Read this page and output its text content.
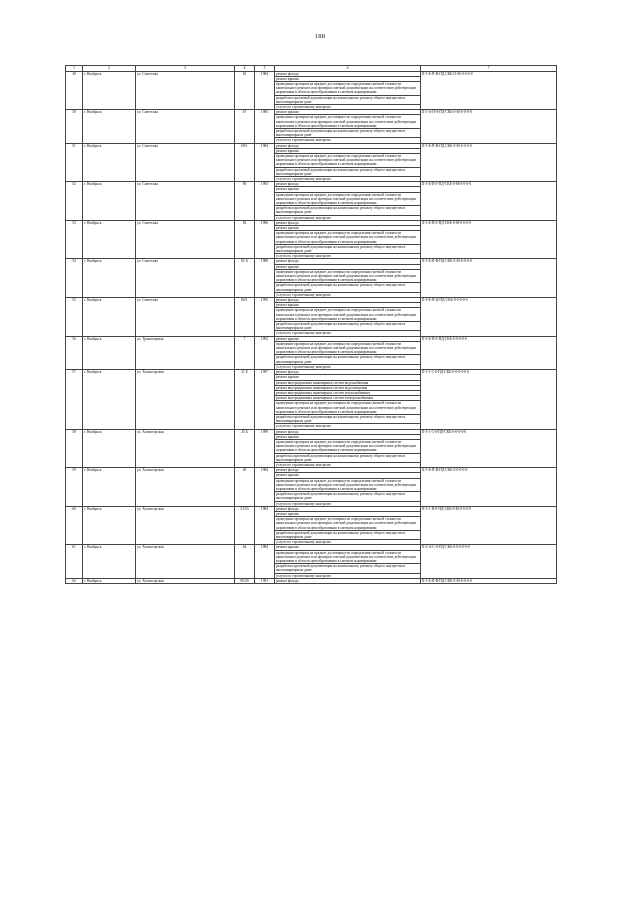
188
1	2	3	4	5	6	7
49	г. Ноябрьск	ул. Советская	63	1984	ремонт фасада	II-5-Б-П-В-ПД-СКБ-О-М-0-0-0-0
					ремонт крыши	
					проведение проверки на предмет достоверности определения сметной стоимости капитального ремонта или проверки сметной документации на соответствие действующим нормативам в области ценообразования в сметном нормировании	
					разработка проектной документации на капитальному ремонту общего имущества в многоквартирном доме	
					услуги по строительному контролю	
50	г. Ноябрьск	ул. Советская	67	1985	ремонт крыши	II-5-А-П-0-ПД-СКБ-0-М-0-0-0-0
					проведение проверки на предмет достоверности определения сметной стоимости капитального ремонта или проверки сметной документации на соответствие действующим нормативам в области ценообразования в сметном нормировании	
					разработка проектной документации на капитальному ремонту общего имущества в многоквартирном доме	
					услуги по строительному контролю	
51	г. Ноябрьск	ул. Советская	69/1	1984	ремонт фасада	II-5-Б-П-В-ПД-СКБ-0-М-0-0-0-0
					ремонт крыши	
					проведение проверки на предмет достоверности определения сметной стоимости капитального ремонта или проверки сметной документации на соответствие действующим нормативам в области ценообразования в сметном нормировании	
					разработка проектной документации на капитальному ремонту общего имущества в многоквартирном доме	
					услуги по строительному контролю	
52	г. Ноябрьск	ул. Советская	69	1993	ремонт фасада	II-5-Б-П-0-ПД-СКБ-0-М-0-0-0-0
					ремонт крыши	
					проведение проверки на предмет достоверности определения сметной стоимости капитального ремонта или проверки сметной документации на соответствие действующим нормативам в области ценообразования в сметном нормировании	
					разработка проектной документации на капитальному ремонту общего имущества в многоквартирном доме	
					услуги по строительному контролю	
53	г. Ноябрьск	ул. Советская	82	1996	ремонт фасада	II-5-Б-П-0-ПД-СКБ-0-М-0-0-0-0
					ремонт крыши	
					проведение проверки на предмет достоверности определения сметной стоимости капитального ремонта или проверки сметной документации на соответствие действующим нормативам в области ценообразования в сметном нормировании	
					разработка проектной документации на капитальному ремонту общего имущества в многоквартирном доме	
					услуги по строительному контролю	
54	г. Ноябрьск	ул. Советская	83 А	1989	ремонт фасада	II-5-Б-П-В-ПД-СКБ-0-М-0-0-0-0
					ремонт крыши	
					проведение проверки на предмет достоверности определения сметной стоимости капитального ремонта или проверки сметной документации на соответствие действующим нормативам в области ценообразования в сметном нормировании	
					разработка проектной документации на капитальному ремонту общего имущества в многоквартирном доме	
					услуги по строительному контролю	
55	г. Ноябрьск	ул. Советская	86/1	1995	ремонт фасада	II-9-Б-П-Ц-ПД-СКБ-0-0-0-0-0
					ремонт крыши	
					проведение проверки на предмет достоверности определения сметной стоимости капитального ремонта или проверки сметной документации на соответствие действующим нормативам в области ценообразования в сметном нормировании	
					разработка проектной документации на капитальному ремонту общего имущества в многоквартирном доме	
					услуги по строительному контролю	
56	г. Ноябрьск	ул. Транспортная	7	1992	ремонт крыши	II-9-Б-П-0-ПД-СКБ-0-0-0-0-0
					проведение проверки на предмет достоверности определения сметной стоимости капитального ремонта или проверки сметной документации на соответствие действующим нормативам в области ценообразования в сметном нормировании	
					разработка проектной документации на капитальному ремонту общего имущества в многоквартирном доме	
					услуги по строительному контролю	
57	г. Ноябрьск	ул. Холмогорская	21 Б	1997	ремонт фасада	II-5-1-С-0-ПД-СКБ-0-0-0-0-0-0
					ремонт крыши	
					ремонт внутридомовых инженерных систем водоснабжения	
					ремонт внутридомовых инженерных систем водоотведения	
					ремонт внутридомовых инженерных систем теплоснабжения	
					ремонт внутридомовых инженерных систем электроснабжения	
					проведение проверки на предмет достоверности определения сметной стоимости капитального ремонта или проверки сметной документации на соответствие действующим нормативам в области ценообразования в сметном нормировании	
					разработка проектной документации на капитальному ремонту общего имущества в многоквартирном доме	
					услуги по строительному контролю	
58	г. Ноябрьск	ул. Холмогорская	25 Б	1999	ремонт фасада	II-5-1-С-0-ПД-СКБ-0-0-0-0-0
					ремонт крыши	
					проведение проверки на предмет достоверности определения сметной стоимости капитального ремонта или проверки сметной документации на соответствие действующим нормативам в области ценообразования в сметном нормировании	
					разработка проектной документации на капитальному ремонту общего имущества в многоквартирном доме	
					услуги по строительному контролю	
59	г. Ноябрьск	ул. Холмогорская	49	1984	ремонт фасада	II-5-Б-П-В-ПД-СКБ-0-0-0-0-0
					ремонт крыши	
					проведение проверки на предмет достоверности определения сметной стоимости капитального ремонта или проверки сметной документации на соответствие действующим нормативам в области ценообразования в сметном нормировании	
					разработка проектной документации на капитальному ремонту общего имущества в многоквартирном доме	
					услуги по строительному контролю	
60	г. Ноябрьск	ул. Холмогорская	51/53	1984	ремонт фасада	II-5-1-П-0-ПД-СКБ-0-М-0-0-0-0
					ремонт крыши	
					проведение проверки на предмет достоверности определения сметной стоимости капитального ремонта или проверки сметной документации на соответствие действующим нормативам в области ценообразования в сметном нормировании	
					разработка проектной документации на капитальному ремонту общего имущества в многоквартирном доме	
					услуги по строительному контролю	
61	г. Ноябрьск	ул. Холмогорская	64	1984	ремонт крыши	II-2-А-С-0-ПД-СКБ-0-0-0-0-0-0
					проведение проверки на предмет достоверности определения сметной стоимости капитального ремонта или проверки сметной документации на соответствие действующим нормативам в области ценообразования в сметном нормировании	
					разработка проектной документации на капитальному ремонту общего имущества в многоквартирном доме	
					услуги по строительному контролю	
62	г. Ноябрьск	ул. Холмогорская	90/29	1991	ремонт фасада	II-5-Б-П-В-ПД-СКБ-0-М-0-0-0-0
